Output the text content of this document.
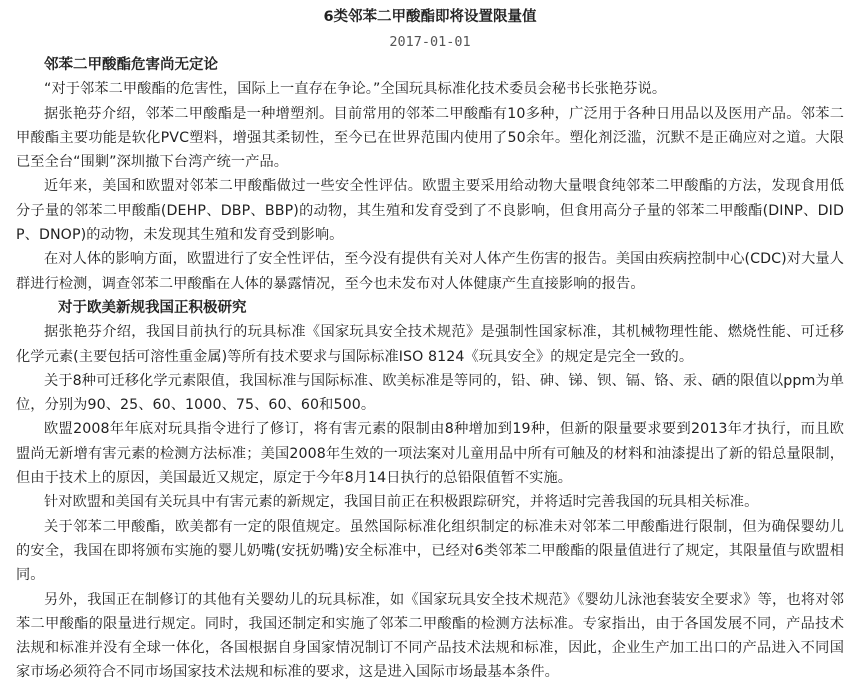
6类邻苯二甲酸酯即将设置限量值
2017-01-01
邻苯二甲酸酯危害尚无定论

“对于邻苯二甲酸酯的危害性，国际上一直存在争论。”全国玩具标准化技术委员会秘书长张艳芬说。

据张艳芬介绍，邻苯二甲酸酯是一种增塑剂。目前常用的邻苯二甲酸酯有10多种，广泛用于各种日用品以及医用产品。邻苯二甲酸酯主要功能是软化PVC塑料，增强其柔韧性，至今已在世界范围内使用了50余年。塑化剂泛滥，沉默不是正确应对之道。大限已至全台“围剿”深圳撤下台湾产统一产品。

近年来，美国和欧盟对邻苯二甲酸酯做过一些安全性评估。欧盟主要采用给动物大量喂食纯邻苯二甲酸酯的方法，发现食用低分子量的邻苯二甲酸酯(DEHP、DBP、BBP)的动物，其生殖和发育受到了不良影响，但食用高分子量的邻苯二甲酸酯(DINP、DIDP、DNOP)的动物，未发现其生殖和发育受到影响。

在对人体的影响方面，欧盟进行了安全性评估，至今没有提供有关对人体产生伤害的报告。美国由疾病控制中心(CDC)对大量人群进行检测，调查邻苯二甲酸酯在人体的暴露情况，至今也未发布对人体健康产生直接影响的报告。

对于欧美新规我国正积极研究

据张艳芬介绍，我国目前执行的玩具标准《国家玩具安全技术规范》是强制性国家标准，其机械物理性能、燃烧性能、可迁移化学元素(主要包括可溶性重金属)等所有技术要求与国际标准ISO 8124《玩具安全》的规定是完全一致的。

关于8种可迁移化学元素限值，我国标准与国际标准、欧美标准是等同的，铅、砷、锑、钡、镉、铬、汞、硒的限值以ppm为单位，分别为90、25、60、1000、75、60、60和500。

欧盟2008年年底对玩具指令进行了修订，将有害元素的限制由8种增加到19种，但新的限量要求要到2013年才执行，而且欧盟尚无新增有害元素的检测方法标准；美国2008年生效的一项法案对儿童用品中所有可触及的材料和油漆提出了新的铅总量限制，但由于技术上的原因，美国最近又规定，原定于今年8月14日执行的总铅限值暂不实施。

针对欧盟和美国有关玩具中有害元素的新规定，我国目前正在积极跟踪研究，并将适时完善我国的玩具相关标准。

关于邻苯二甲酸酯，欧美都有一定的限值规定。虽然国际标准化组织制定的标准未对邻苯二甲酸酯进行限制，但为确保婴幼儿的安全，我国在即将颁布实施的婴儿奶嘴(安抚奶嘴)安全标准中，已经对6类邻苯二甲酸酯的限量值进行了规定，其限量值与欧盟相同。

另外，我国正在制修订的其他有关婴幼儿的玩具标准，如《国家玩具安全技术规范》《婴幼儿泳池套装安全要求》等，也将对邻苯二甲酸酯的限量进行规定。同时，我国还制定和实施了邻苯二甲酸酯的检测方法标准。专家指出，由于各国发展不同，产品技术法规和标准并没有全球一体化，各国根据自身国家情况制订不同产品技术法规和标准，因此，企业生产加工出口的产品进入不同国家市场必须符合不同市场国家技术法规和标准的要求，这是进入国际市场最基本条件。
